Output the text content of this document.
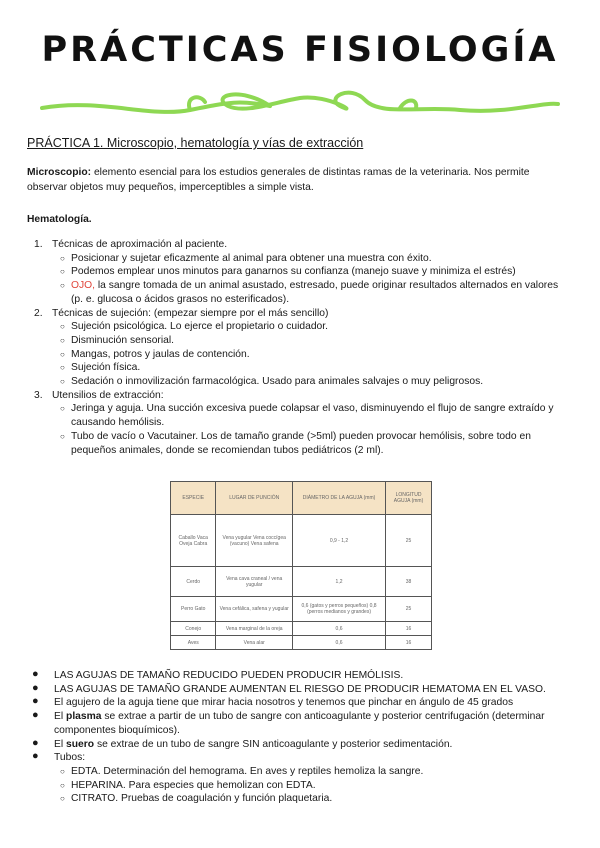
PRÁCTICAS FISIOLOGÍA
PRÁCTICA 1. Microscopio, hematología y vías de extracción
Microscopio: elemento esencial para los estudios generales de distintas ramas de la veterinaria. Nos permite observar objetos muy pequeños, imperceptibles a simple vista.
Hematología.
1. Técnicas de aproximación al paciente.
○ Posicionar y sujetar eficazmente al animal para obtener una muestra con éxito.
○ Podemos emplear unos minutos para ganarnos su confianza (manejo suave y minimiza el estrés)
○ OJO, la sangre tomada de un animal asustado, estresado, puede originar resultados alternados en valores (p. e. glucosa o ácidos grasos no esterificados).
2. Técnicas de sujeción: (empezar siempre por el más sencillo)
○ Sujeción psicológica. Lo ejerce el propietario o cuidador.
○ Disminución sensorial.
○ Mangas, potros y jaulas de contención.
○ Sujeción física.
○ Sedación o inmovilización farmacológica. Usado para animales salvajes o muy peligrosos.
3. Utensilios de extracción:
○ Jeringa y aguja. Una succión excesiva puede colapsar el vaso, disminuyendo el flujo de sangre extraído y causando hemólisis.
○ Tubo de vacío o Vacutainer. Los de tamaño grande (>5ml) pueden provocar hemólisis, sobre todo en pequeños animales, donde se recomiendan tubos pediátricos (2 ml).
ESPECIE	LUGAR DE PUNCIÓN	DIÁMETRO DE LA AGUJA (mm)	LONGITUD AGUJA (mm)
Caballo Vaca Oveja Cabra	Vena yugular Vena coccígea (vacuno) Vena safena	0,9 - 1,2	25
Cerdo	Vena cava craneal / vena yugular	1,2	38
Perro Gato	Vena cefálica, safena y yugular	0,6 (gatos y perros pequeños) 0,8 (perros medianos y grandes)	25
Conejo	Vena marginal de la oreja	0,6	16
Aves	Vena alar	0,6	16
● LAS AGUJAS DE TAMAÑO REDUCIDO PUEDEN PRODUCIR HEMÓLISIS.
● LAS AGUJAS DE TAMAÑO GRANDE AUMENTAN EL RIESGO DE PRODUCIR HEMATOMA EN EL VASO.
● El agujero de la aguja tiene que mirar hacia nosotros y tenemos que pinchar en ángulo de 45 grados
● El plasma se extrae a partir de un tubo de sangre con anticoagulante y posterior centrifugación (determinar componentes bioquímicos).
● El suero se extrae de un tubo de sangre SIN anticoagulante y posterior sedimentación.
● Tubos:
○ EDTA. Determinación del hemograma. En aves y reptiles hemoliza la sangre.
○ HEPARINA. Para especies que hemolizan con EDTA.
○ CITRATO. Pruebas de coagulación y función plaquetaria.
